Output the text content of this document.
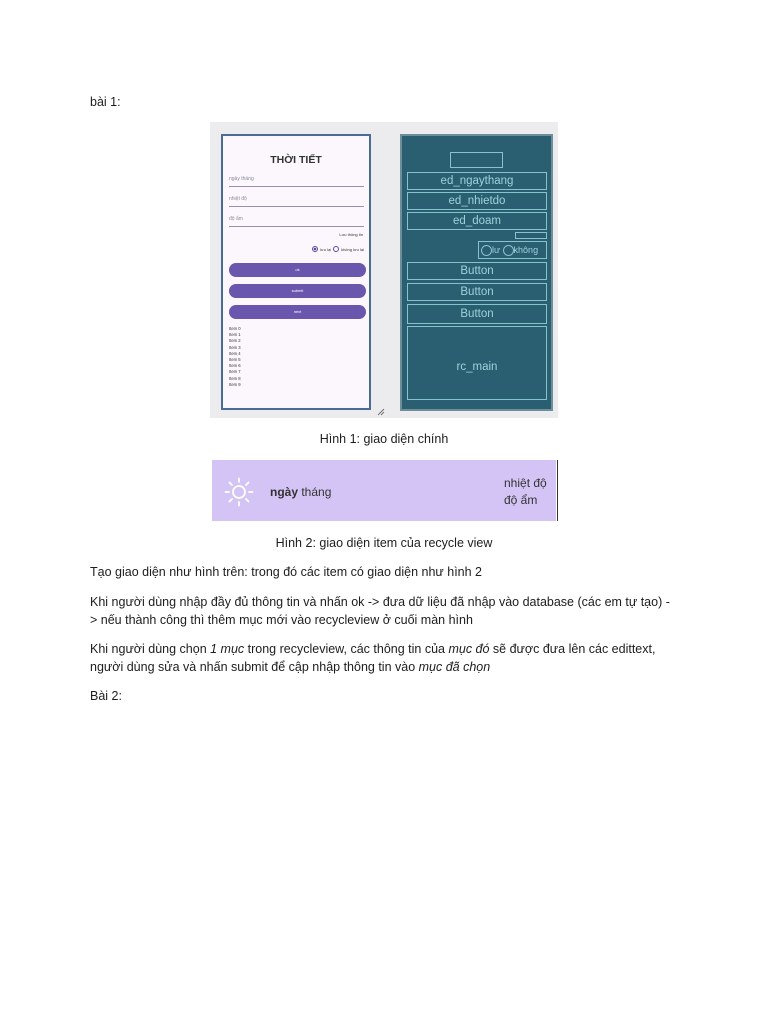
bài 1:
THỜI TIẾT
ngày tháng
nhiệt độ
độ ẩm
Lưu thông tin
lưu lại	không lưu lại
ok
submit
next
Item 0
Item 1
Item 2
Item 3
Item 4
Item 5
Item 6
Item 7
Item 8
Item 9
ed_ngaythang
ed_nhietdo
ed_doam
lư không
Button
Button
Button
rc_main
Hình 1: giao diện chính
ngày tháng
nhiệt độ
độ ẩm
Hình 2: giao diện item của recycle view
Tạo giao diện như hình trên: trong đó các item có giao diện như hình 2
Khi người dùng nhập đầy đủ thông tin và nhấn ok -> đưa dữ liệu đã nhập vào database (các em tự tạo) -
> nếu thành công thì thêm mục mới vào recycleview ở cuối màn hình
Khi người dùng chọn 1 mục trong recycleview, các thông tin của mục đó sẽ được đưa lên các edittext,
người dùng sửa và nhấn submit để cập nhập thông tin vào mục đã chọn
Bài 2:
